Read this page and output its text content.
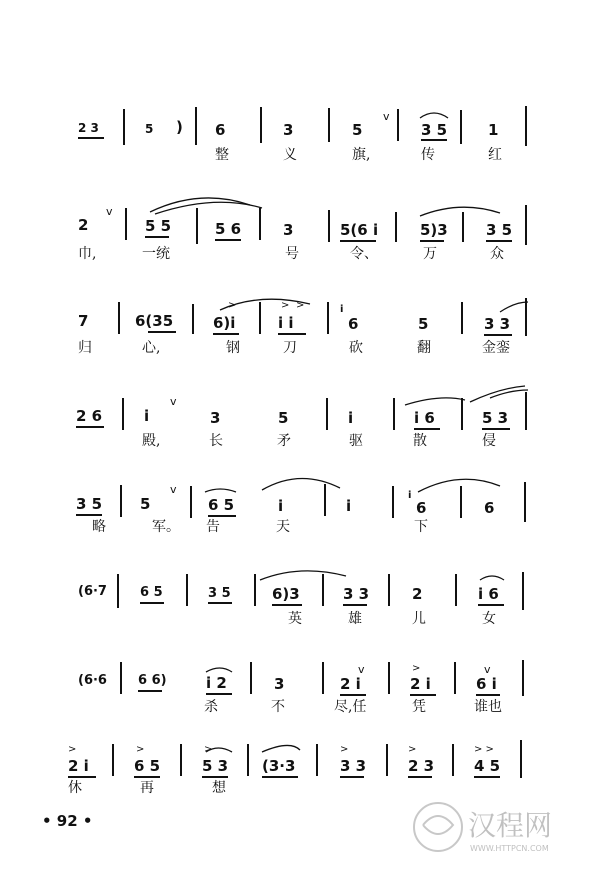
2 3	5 ) 6	3	5
v
3 5	1
整	义	旗,	传	红
2
v
5 5	5 6	3	5(6 i	5)3	3 5
巾,	一统	号	令、	万	众
7	6(35	6)i
>
i i
> >	i
6	5	3 3
归	心,	钢	刀	砍	翻	金銮
2 6	i
v
3	5	i	i 6	5 3
殿,	长	矛	驱	散	侵
3 5	5
v
6 5	i	i
i
6	6
略	军。 告	天	下
(6·7	6 5	3 5	6)3	3 3	2	i 6
英	雄	儿	女
(6·6 6 6)	i 2	3	2 i
v
2 i
>
6 i
v
杀	不	尽,任	凭	谁也
2 i
>
6 5
>
5 3
>
(3·3	3 3
>
2 3
>
4 5
> >
休	再	想
• 92 •	汉程网
WWW.HTTPCN.COM
